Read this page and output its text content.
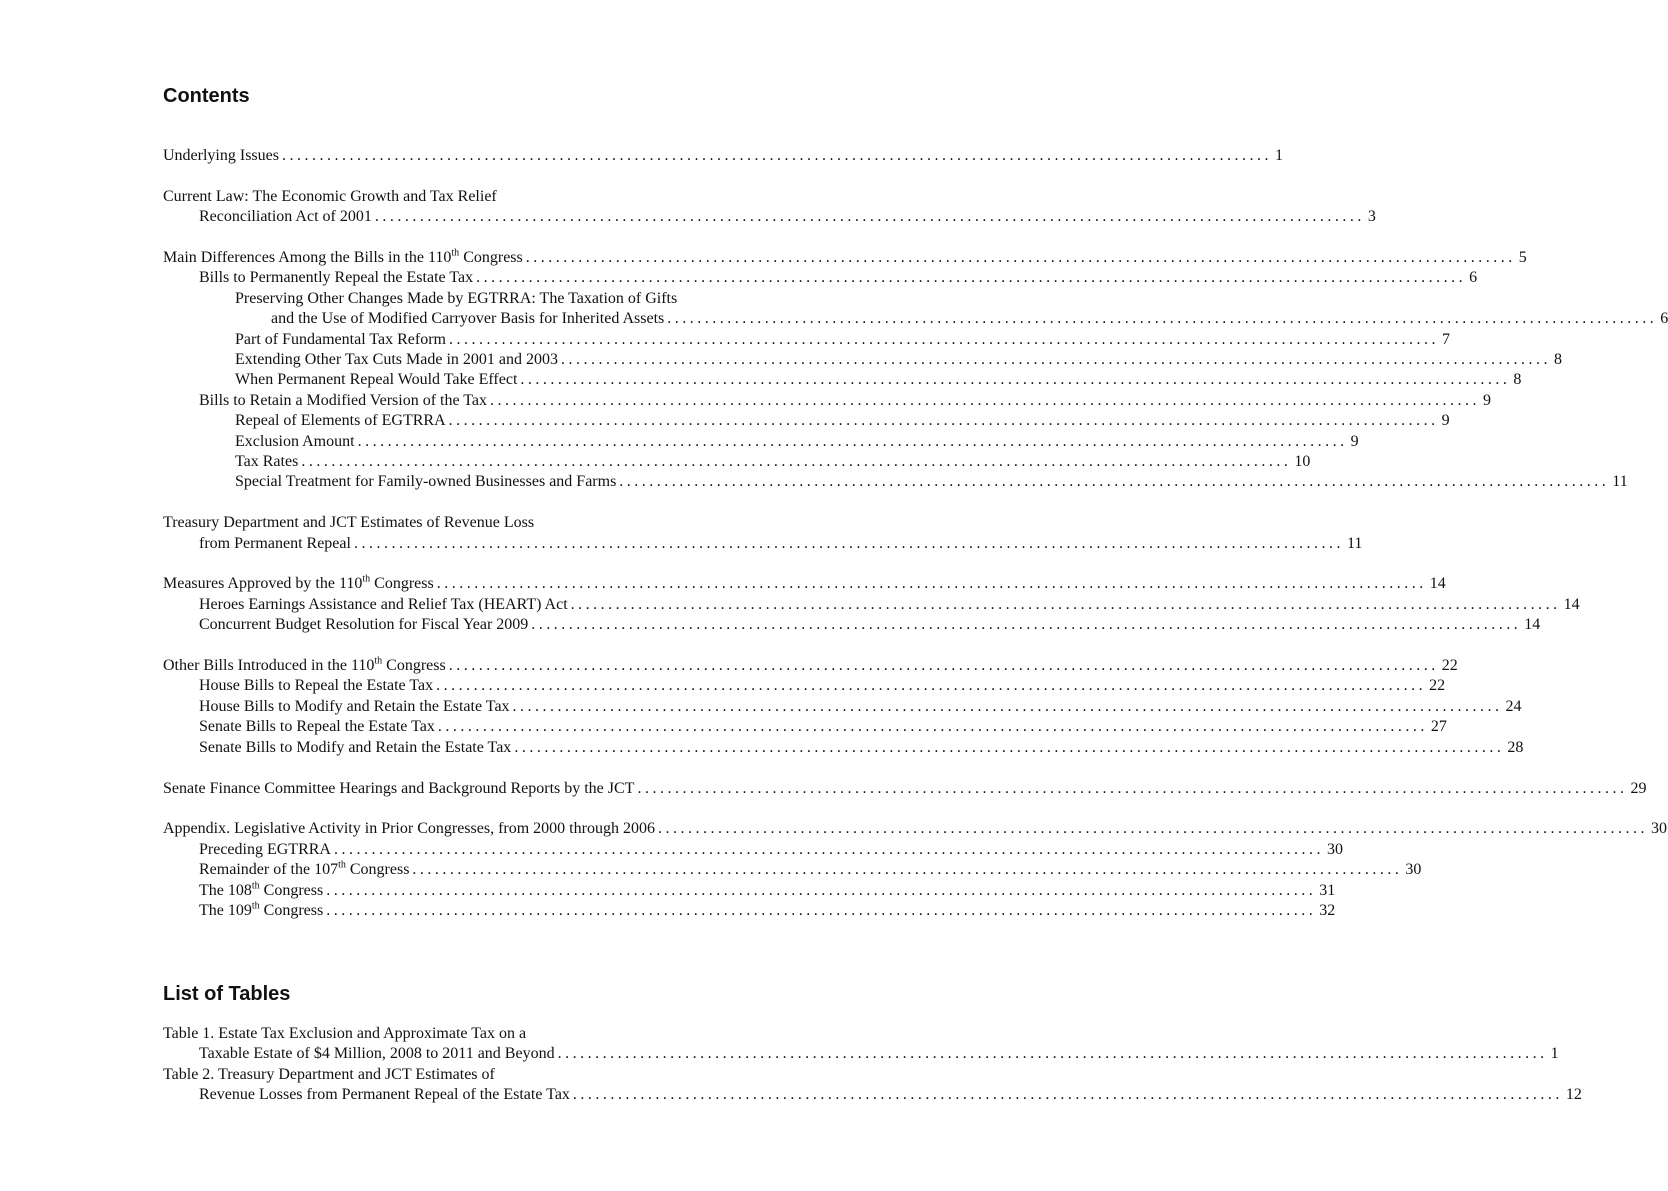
Contents
Underlying Issues .................................................................................................................................... 1
Current Law: The Economic Growth and Tax Relief
Reconciliation Act of 2001 .................................................................................................................................... 3
Main Differences Among the Bills in the 110th Congress .................................................................................................................................... 5
Bills to Permanently Repeal the Estate Tax .................................................................................................................................... 6
Preserving Other Changes Made by EGTRRA: The Taxation of Gifts
and the Use of Modified Carryover Basis for Inherited Assets .................................................................................................................................... 6
Part of Fundamental Tax Reform .................................................................................................................................... 7
Extending Other Tax Cuts Made in 2001 and 2003 .................................................................................................................................... 8
When Permanent Repeal Would Take Effect .................................................................................................................................... 8
Bills to Retain a Modified Version of the Tax .................................................................................................................................... 9
Repeal of Elements of EGTRRA .................................................................................................................................... 9
Exclusion Amount .................................................................................................................................... 9
Tax Rates .................................................................................................................................... 10
Special Treatment for Family-owned Businesses and Farms .................................................................................................................................... 11
Treasury Department and JCT Estimates of Revenue Loss
from Permanent Repeal .................................................................................................................................... 11
Measures Approved by the 110th Congress .................................................................................................................................... 14
Heroes Earnings Assistance and Relief Tax (HEART) Act .................................................................................................................................... 14
Concurrent Budget Resolution for Fiscal Year 2009 .................................................................................................................................... 14
Other Bills Introduced in the 110th Congress .................................................................................................................................... 22
House Bills to Repeal the Estate Tax .................................................................................................................................... 22
House Bills to Modify and Retain the Estate Tax .................................................................................................................................... 24
Senate Bills to Repeal the Estate Tax .................................................................................................................................... 27
Senate Bills to Modify and Retain the Estate Tax .................................................................................................................................... 28
Senate Finance Committee Hearings and Background Reports by the JCT .................................................................................................................................... 29
Appendix. Legislative Activity in Prior Congresses, from 2000 through 2006 .................................................................................................................................... 30
Preceding EGTRRA .................................................................................................................................... 30
Remainder of the 107th Congress .................................................................................................................................... 30
The 108th Congress .................................................................................................................................... 31
The 109th Congress .................................................................................................................................... 32
List of Tables
Table 1. Estate Tax Exclusion and Approximate Tax on a
Taxable Estate of $4 Million, 2008 to 2011 and Beyond .................................................................................................................................... 1
Table 2. Treasury Department and JCT Estimates of
Revenue Losses from Permanent Repeal of the Estate Tax .................................................................................................................................... 12
